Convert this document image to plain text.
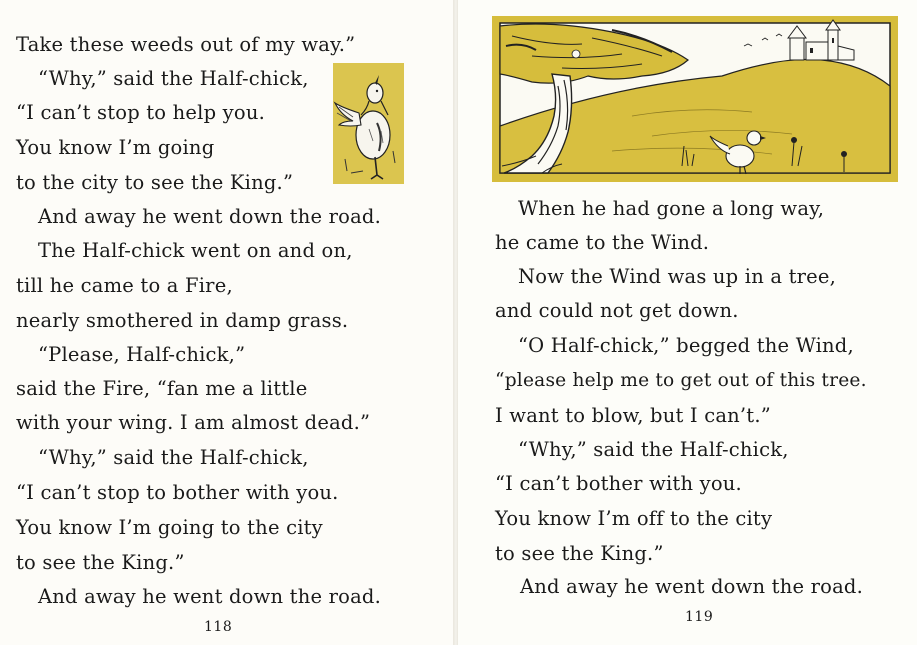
Take these weeds out of my way.”
“Why,” said the Half-chick,
“I can’t stop to help you.
You know I’m going
to the city to see the King.”
And away he went down the road.
The Half-chick went on and on,
till he came to a Fire,
nearly smothered in damp grass.
“Please, Half-chick,”
said the Fire, “fan me a little
with your wing. I am almost dead.”
“Why,” said the Half-chick,
“I can’t stop to bother with you.
You know I’m going to the city
to see the King.”
And away he went down the road.
118
When he had gone a long way,
he came to the Wind.
Now the Wind was up in a tree,
and could not get down.
“O Half-chick,” begged the Wind,
“please help me to get out of this tree.
I want to blow, but I can’t.”
“Why,” said the Half-chick,
“I can’t bother with you.
You know I’m off to the city
to see the King.”
And away he went down the road.
119
